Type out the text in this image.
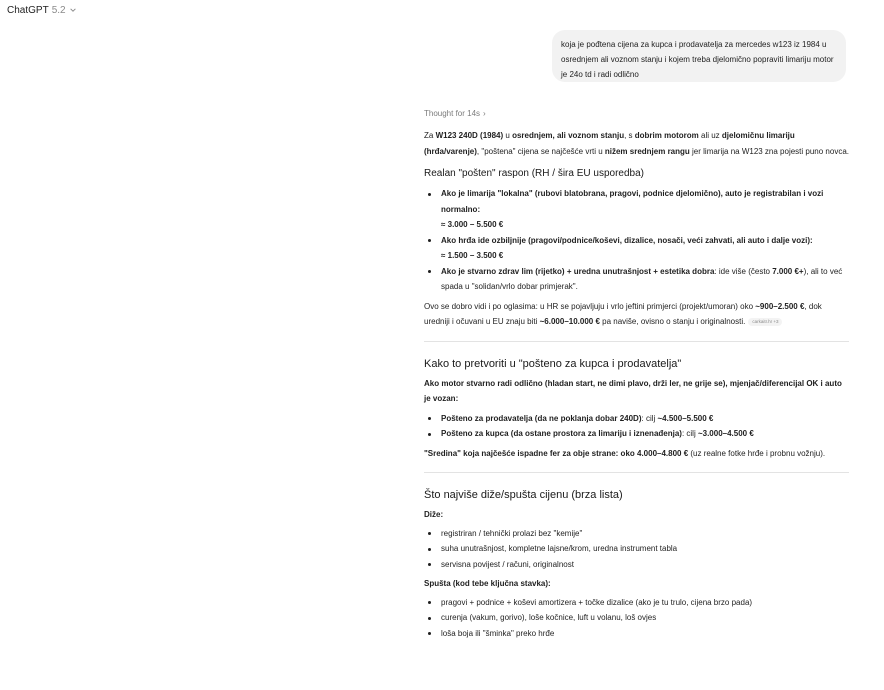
ChatGPT 5.2
koja je pođtena cijena za kupca i prodavatelja za mercedes w123 iz 1984 u osrednjem ali voznom stanju i kojem treba djelomično popraviti limariju motor je 24o td i radi odlično
Thought for 14s ›

Za W123 240D (1984) u osrednjem, ali voznom stanju, s dobrim motorom ali uz djelomičnu limariju (hrđa/varenje), "poštena" cijena se najčešće vrti u nižem srednjem rangu jer limarija na W123 zna pojesti puno novca.

Realan "pošten" raspon (RH / šira EU usporedba)
Ako je limarija "lokalna" (rubovi blatobrana, pragovi, podnice djelomično), auto je registrabilan i vozi normalno:
≈ 3.000 – 5.500 €
Ako hrđa ide ozbiljnije (pragovi/podnice/koševi, dizalice, nosači, veći zahvati, ali auto i dalje vozi):
≈ 1.500 – 3.500 €
Ako je stvarno zdrav lim (rijetko) + uredna unutrašnjost + estetika dobra: ide više (često 7.000 €+), ali to već spada u "solidan/vrlo dobar primjerak".

Ovo se dobro vidi i po oglasima: u HR se pojavljuju i vrlo jeftini primjerci (projekt/umoran) oko ~900–2.500 €, dok uredniji i očuvani u EU znaju biti ~6.000–10.000 € pa naviše, ovisno o stanju i originalnosti. carkaitr.hr +3

Kako to pretvoriti u "pošteno za kupca i prodavatelja"

Ako motor stvarno radi odlično (hladan start, ne dimi plavo, drži ler, ne grije se), mjenjač/diferencijal OK i auto je vozan:

Pošteno za prodavatelja (da ne poklanja dobar 240D): cilj ~4.500–5.500 €
Pošteno za kupca (da ostane prostora za limariju i iznenađenja): cilj ~3.000–4.500 €

"Sredina" koja najčešće ispadne fer za obje strane: oko 4.000–4.800 € (uz realne fotke hrđe i probnu vožnju).

Što najviše diže/spušta cijenu (brza lista)

Diže:

registriran / tehnički prolazi bez "kemije"
suha unutrašnjost, kompletne lajsne/krom, uredna instrument tabla
servisna povijest / računi, originalnost

Spušta (kod tebe ključna stavka):

pragovi + podnice + koševi amortizera + točke dizalice (ako je tu trulo, cijena brzo pada)
curenja (vakum, gorivo), loše kočnice, luft u volanu, loš ovjes
loša boja ili "šminka" preko hrđe
